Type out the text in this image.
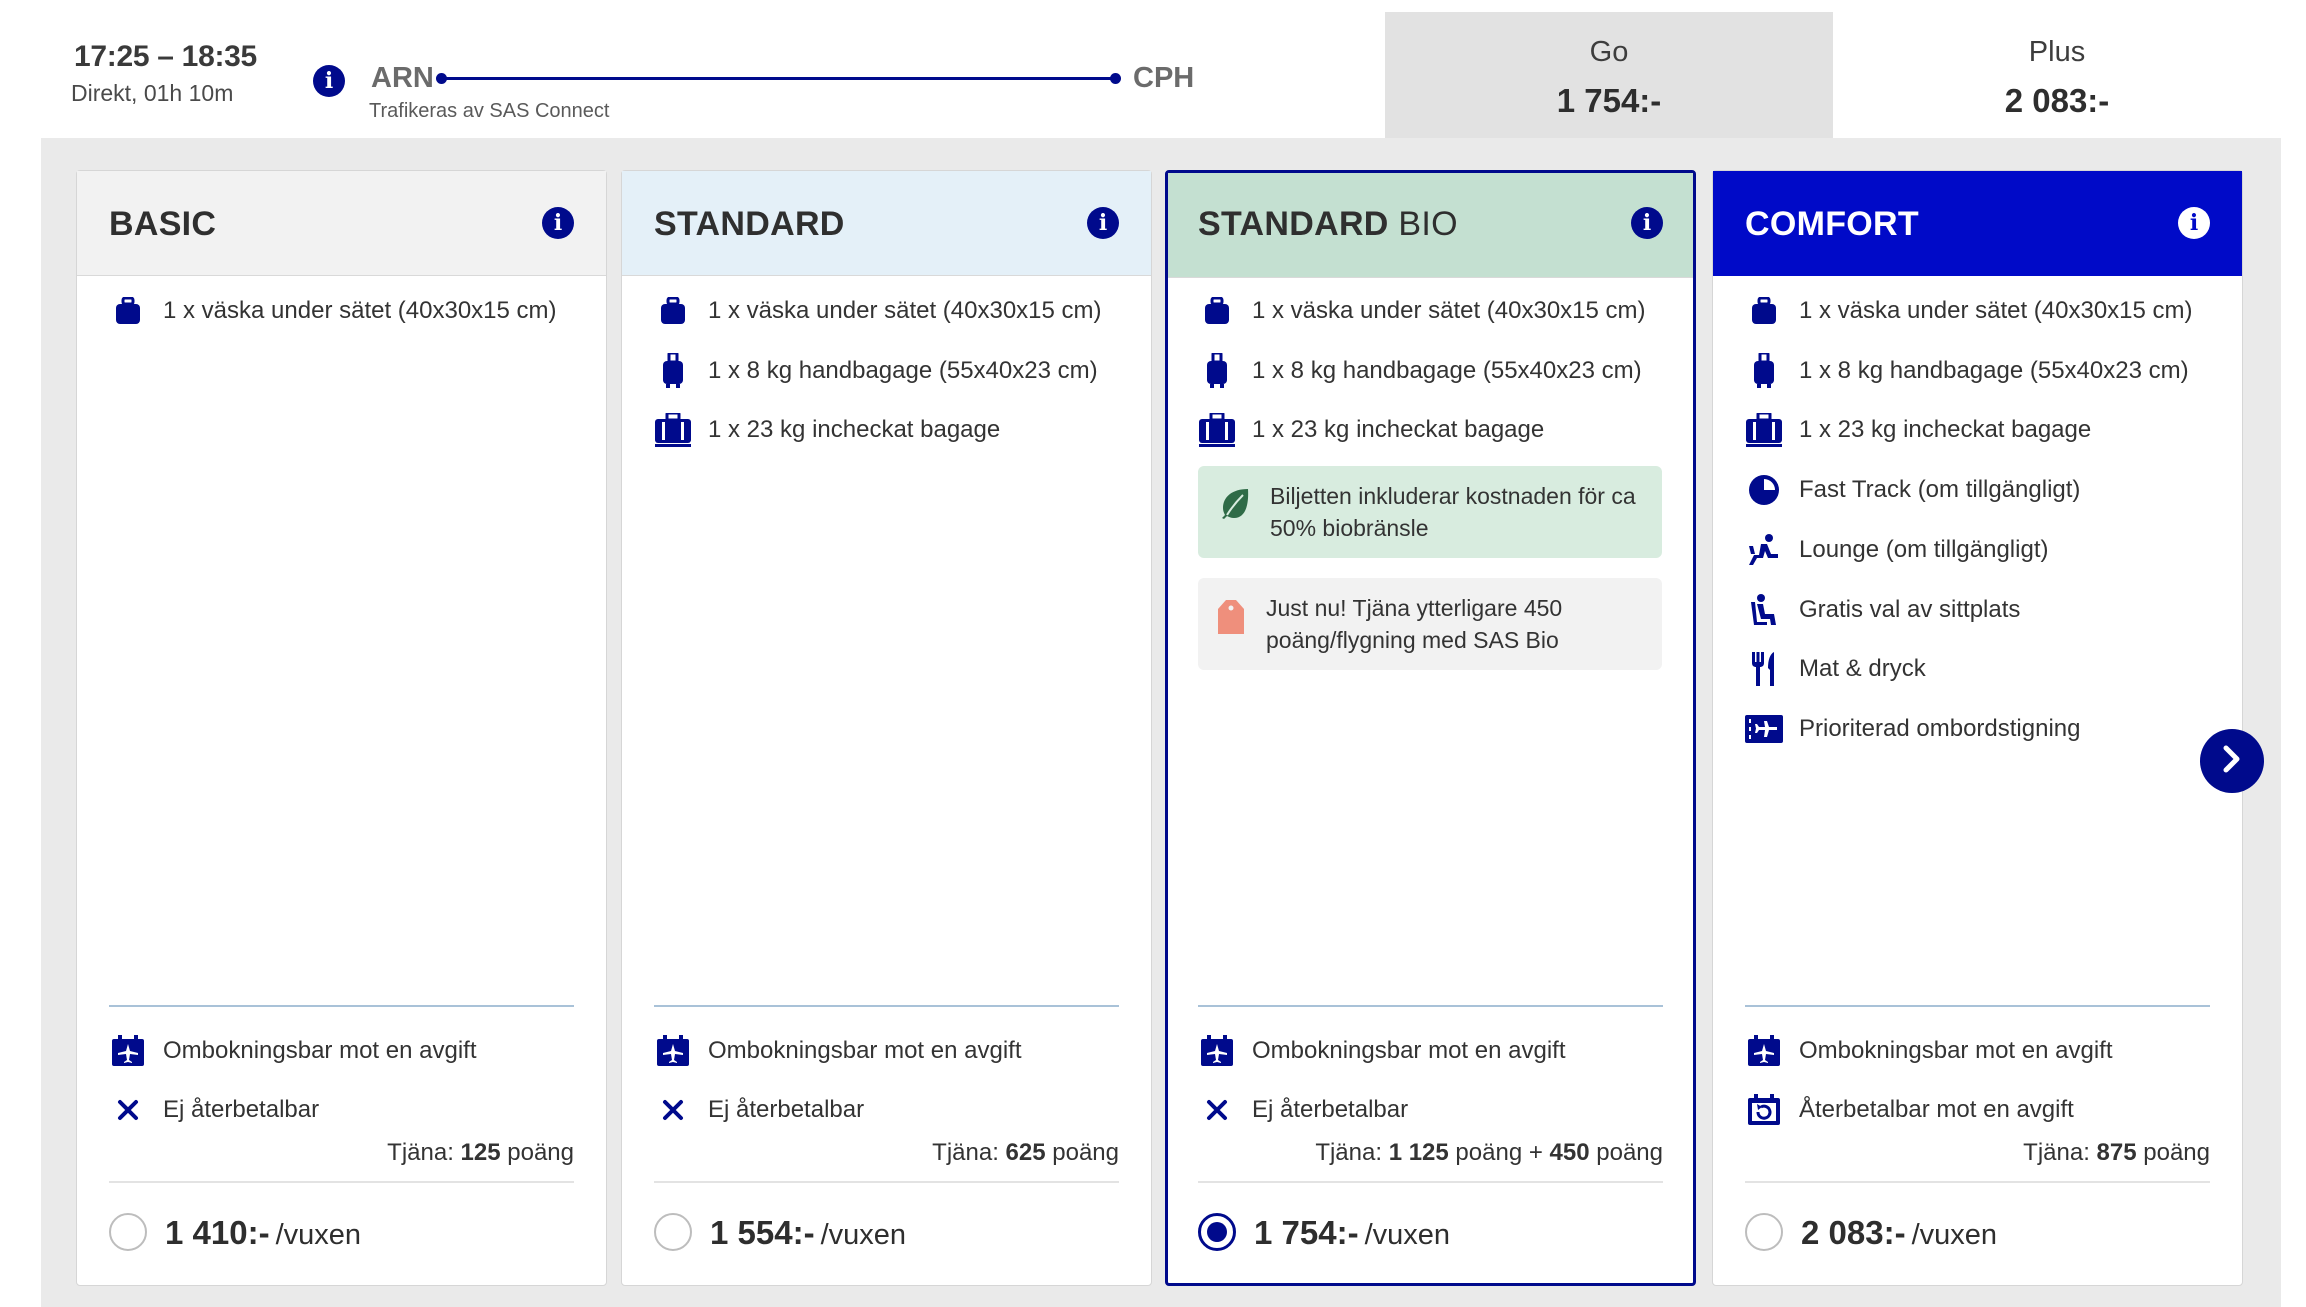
17:25 – 18:35
Direkt, 01h 10m	i	ARN	CPH
Trafikeras av SAS Connect
Go
1 754:-
Plus
2 083:-
BASIC	i
1 x väska under sätet (40x30x15 cm)
Ombokningsbar mot en avgift
Ej återbetalbar
Tjäna: 125 poäng
1 410:- /vuxen
STANDARD	i
1 x väska under sätet (40x30x15 cm)
1 x 8 kg handbagage (55x40x23 cm)
1 x 23 kg incheckat bagage
Ombokningsbar mot en avgift
Ej återbetalbar
Tjäna: 625 poäng
1 554:- /vuxen
STANDARD BIO	i
1 x väska under sätet (40x30x15 cm)
1 x 8 kg handbagage (55x40x23 cm)
1 x 23 kg incheckat bagage
Biljetten inkluderar kostnaden för ca 50% biobränsle
Just nu! Tjäna ytterligare 450 poäng/flygning med SAS Bio
Ombokningsbar mot en avgift
Ej återbetalbar
Tjäna: 1 125 poäng + 450 poäng
1 754:- /vuxen
COMFORT	i
1 x väska under sätet (40x30x15 cm)
1 x 8 kg handbagage (55x40x23 cm)
1 x 23 kg incheckat bagage
Fast Track (om tillgängligt)
Lounge (om tillgängligt)
Gratis val av sittplats
Mat & dryck
Prioriterad ombordstigning
Ombokningsbar mot en avgift
Återbetalbar mot en avgift
Tjäna: 875 poäng
2 083:- /vuxen
